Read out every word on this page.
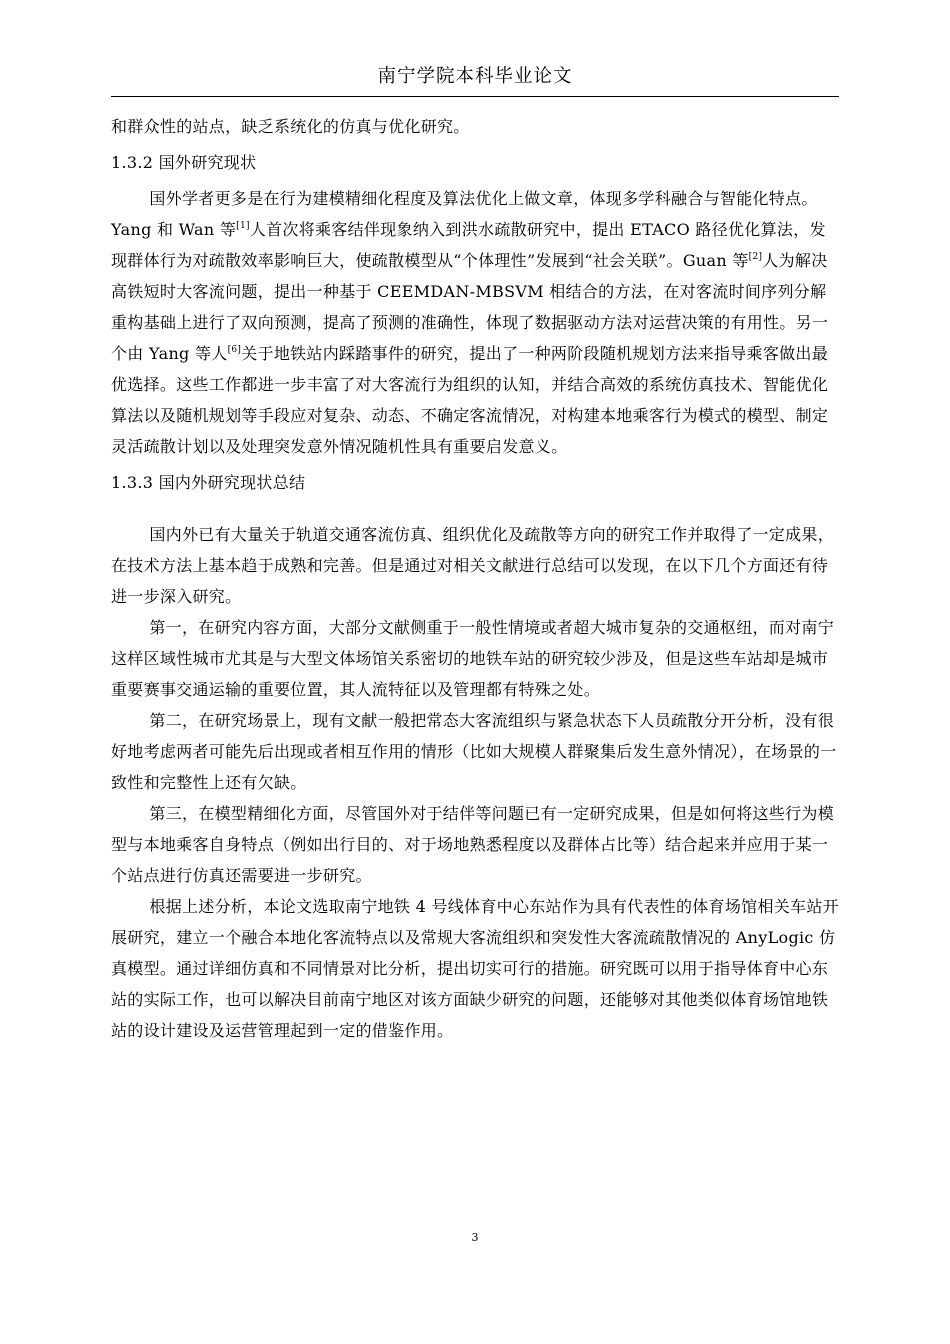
南宁学院本科毕业论文

和群众性的站点，缺乏系统化的仿真与优化研究。

1.3.2 国外研究现状

国外学者更多是在行为建模精细化程度及算法优化上做文章，体现多学科融合与智能化特点。Yang 和 Wan 等[1]人首次将乘客结伴现象纳入到洪水疏散研究中，提出 ETACO 路径优化算法，发现群体行为对疏散效率影响巨大，使疏散模型从“个体理性”发展到“社会关联”。Guan 等[2]人为解决高铁短时大客流问题，提出一种基于 CEEMDAN-MBSVM 相结合的方法，在对客流时间序列分解重构基础上进行了双向预测，提高了预测的准确性，体现了数据驱动方法对运营决策的有用性。另一个由 Yang 等人[6]关于地铁站内踩踏事件的研究，提出了一种两阶段随机规划方法来指导乘客做出最优选择。这些工作都进一步丰富了对大客流行为组织的认知，并结合高效的系统仿真技术、智能优化算法以及随机规划等手段应对复杂、动态、不确定客流情况，对构建本地乘客行为模式的模型、制定灵活疏散计划以及处理突发意外情况随机性具有重要启发意义。

1.3.3 国内外研究现状总结

国内外已有大量关于轨道交通客流仿真、组织优化及疏散等方向的研究工作并取得了一定成果，在技术方法上基本趋于成熟和完善。但是通过对相关文献进行总结可以发现，在以下几个方面还有待进一步深入研究。

第一，在研究内容方面，大部分文献侧重于一般性情境或者超大城市复杂的交通枢纽，而对南宁这样区域性城市尤其是与大型文体场馆关系密切的地铁车站的研究较少涉及，但是这些车站却是城市重要赛事交通运输的重要位置，其人流特征以及管理都有特殊之处。

第二，在研究场景上，现有文献一般把常态大客流组织与紧急状态下人员疏散分开分析，没有很好地考虑两者可能先后出现或者相互作用的情形（比如大规模人群聚集后发生意外情况），在场景的一致性和完整性上还有欠缺。

第三，在模型精细化方面，尽管国外对于结伴等问题已有一定研究成果，但是如何将这些行为模型与本地乘客自身特点（例如出行目的、对于场地熟悉程度以及群体占比等）结合起来并应用于某一个站点进行仿真还需要进一步研究。

根据上述分析，本论文选取南宁地铁 4 号线体育中心东站作为具有代表性的体育场馆相关车站开展研究，建立一个融合本地化客流特点以及常规大客流组织和突发性大客流疏散情况的 AnyLogic 仿真模型。通过详细仿真和不同情景对比分析，提出切实可行的措施。研究既可以用于指导体育中心东站的实际工作，也可以解决目前南宁地区对该方面缺少研究的问题，还能够对其他类似体育场馆地铁站的设计建设及运营管理起到一定的借鉴作用。

3
